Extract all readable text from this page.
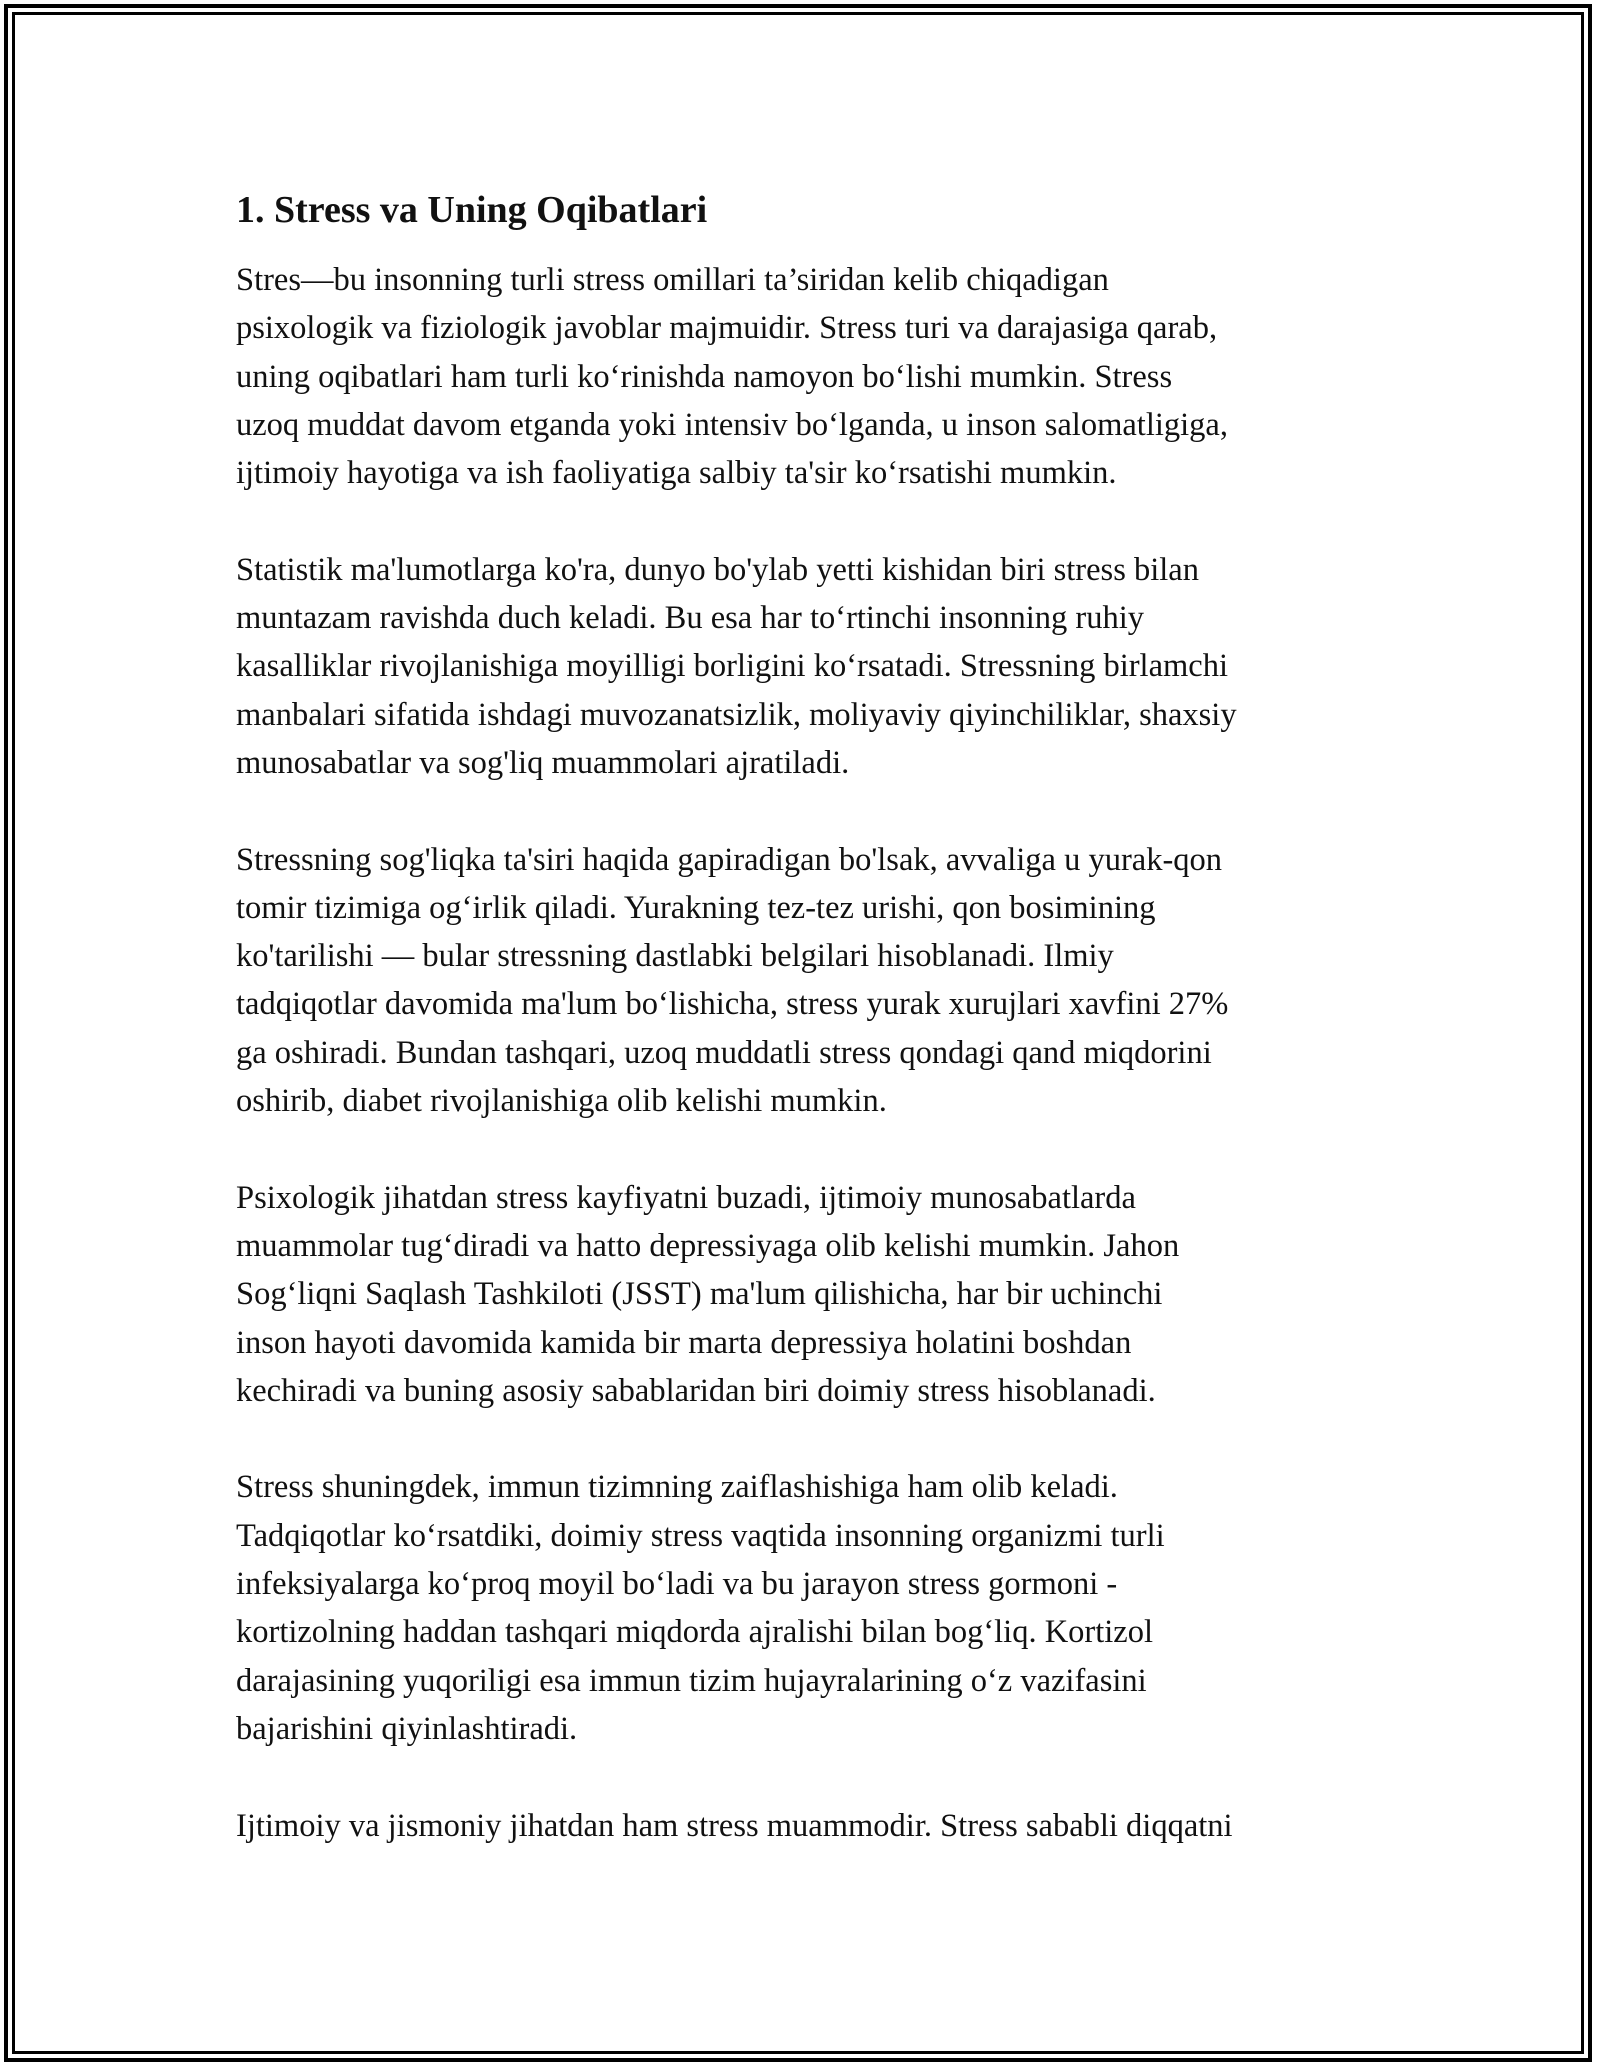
1. Stress va Uning Oqibatlari

Stres—bu insonning turli stress omillari ta’siridan kelib chiqadigan
psixologik va fiziologik javoblar majmuidir. Stress turi va darajasiga qarab,
uning oqibatlari ham turli ko‘rinishda namoyon bo‘lishi mumkin. Stress
uzoq muddat davom etganda yoki intensiv bo‘lganda, u inson salomatligiga,
ijtimoiy hayotiga va ish faoliyatiga salbiy ta'sir ko‘rsatishi mumkin.

Statistik ma'lumotlarga ko'ra, dunyo bo'ylab yetti kishidan biri stress bilan
muntazam ravishda duch keladi. Bu esa har to‘rtinchi insonning ruhiy
kasalliklar rivojlanishiga moyilligi borligini ko‘rsatadi. Stressning birlamchi
manbalari sifatida ishdagi muvozanatsizlik, moliyaviy qiyinchiliklar, shaxsiy
munosabatlar va sog'liq muammolari ajratiladi.

Stressning sog'liqka ta'siri haqida gapiradigan bo'lsak, avvaliga u yurak-qon
tomir tizimiga og‘irlik qiladi. Yurakning tez-tez urishi, qon bosimining
ko'tarilishi — bular stressning dastlabki belgilari hisoblanadi. Ilmiy
tadqiqotlar davomida ma'lum bo‘lishicha, stress yurak xurujlari xavfini 27%
ga oshiradi. Bundan tashqari, uzoq muddatli stress qondagi qand miqdorini
oshirib, diabet rivojlanishiga olib kelishi mumkin.

Psixologik jihatdan stress kayfiyatni buzadi, ijtimoiy munosabatlarda
muammolar tug‘diradi va hatto depressiyaga olib kelishi mumkin. Jahon
Sog‘liqni Saqlash Tashkiloti (JSST) ma'lum qilishicha, har bir uchinchi
inson hayoti davomida kamida bir marta depressiya holatini boshdan
kechiradi va buning asosiy sabablaridan biri doimiy stress hisoblanadi.

Stress shuningdek, immun tizimning zaiflashishiga ham olib keladi.
Tadqiqotlar ko‘rsatdiki, doimiy stress vaqtida insonning organizmi turli
infeksiyalarga ko‘proq moyil bo‘ladi va bu jarayon stress gormoni -
kortizolning haddan tashqari miqdorda ajralishi bilan bog‘liq. Kortizol
darajasining yuqoriligi esa immun tizim hujayralarining o‘z vazifasini
bajarishini qiyinlashtiradi.

Ijtimoiy va jismoniy jihatdan ham stress muammodir. Stress sababli diqqatni
